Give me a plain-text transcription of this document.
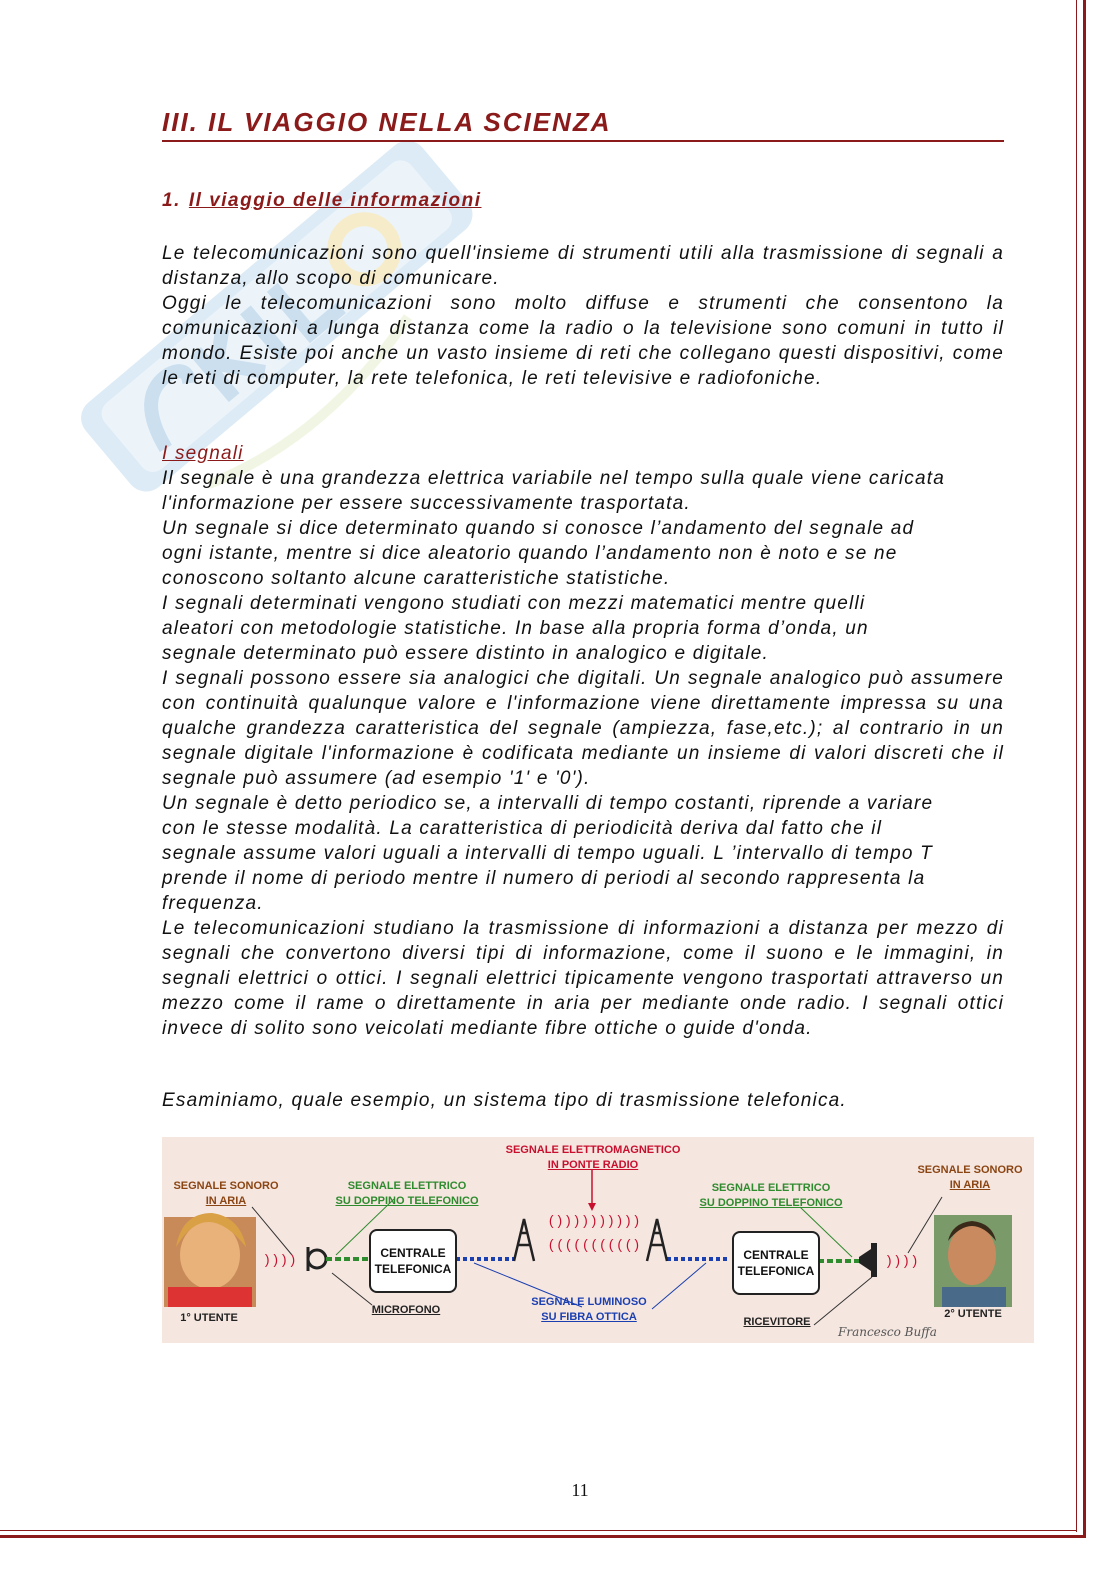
III. IL VIAGGIO NELLA SCIENZA
1. Il viaggio delle informazioni

Le telecomunicazioni sono quell'insieme di strumenti utili alla trasmissione di segnali a distanza, allo scopo di comunicare.

Oggi le telecomunicazioni sono molto diffuse e strumenti che consentono la comunicazioni a lunga distanza come la radio o la televisione sono comuni in tutto il mondo. Esiste poi anche un vasto insieme di reti che collegano questi dispositivi, come le reti di computer, la rete telefonica, le reti televisive e radiofoniche.

I segnali

Il segnale è una grandezza elettrica variabile nel tempo sulla quale viene caricata

l'informazione per essere successivamente trasportata.

Un segnale si dice determinato quando si conosce l’andamento del segnale ad

ogni istante, mentre si dice aleatorio quando l’andamento non è noto e se ne

conoscono soltanto alcune caratteristiche statistiche.

I segnali determinati vengono studiati con mezzi matematici mentre quelli

aleatori con metodologie statistiche. In base alla propria forma d’onda, un

segnale determinato può essere distinto in analogico e digitale.

I segnali possono essere sia analogici che digitali. Un segnale analogico può assumere con continuità qualunque valore e l'informazione viene direttamente impressa su una qualche grandezza caratteristica del segnale (ampiezza, fase,etc.); al contrario in un segnale digitale l'informazione è codificata mediante un insieme di valori discreti che il segnale può assumere (ad esempio '1' e '0').

Un segnale è detto periodico se, a intervalli di tempo costanti, riprende a variare

con le stesse modalità. La caratteristica di periodicità deriva dal fatto che il

segnale assume valori uguali a intervalli di tempo uguali. L ’intervallo di tempo T

prende il nome di periodo mentre il numero di periodi al secondo rappresenta la

frequenza.

Le telecomunicazioni studiano la trasmissione di informazioni a distanza per mezzo di segnali che convertono diversi tipi di informazione, come il suono e le immagini, in segnali elettrici o ottici. I segnali elettrici tipicamente vengono trasportati attraverso un mezzo come il rame o direttamente in aria per mediante onde radio. I segnali ottici invece di solito sono veicolati mediante fibre ottiche o guide d'onda.

Esaminiamo, quale esempio, un sistema tipo di trasmissione telefonica.
( ) ) ) ) ) ) ) ) ) )
( ( ( ( ( ( ( ( ( ( )
) ) ) )	) ) ) )
SEGNALE SONORO
IN ARIA
SEGNALE ELETTRICO
SU DOPPINO TELEFONICO
SEGNALE ELETTROMAGNETICO
IN PONTE RADIO
SEGNALE ELETTRICO
SU DOPPINO TELEFONICO
SEGNALE SONORO
IN ARIA
CENTRALE
TELEFONICA
CENTRALE
TELEFONICA
MICROFONO
SEGNALE LUMINOSO
SU FIBRA OTTICA	RICEVITORE
1° UTENTE	2° UTENTE
Francesco Buffa
11
